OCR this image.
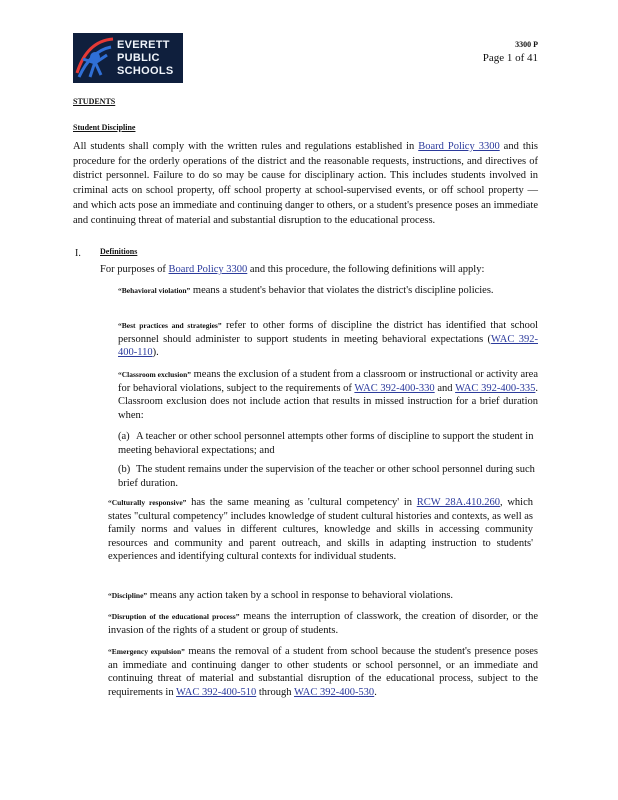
EVERETT
PUBLIC
SCHOOLS
3300 P
Page 1 of 41
STUDENTS
Student Discipline
All students shall comply with the written rules and regulations established in Board Policy 3300 and this procedure for the orderly operations of the district and the reasonable requests, instructions, and directives of district personnel. Failure to do so may be cause for disciplinary action. This includes students involved in criminal acts on school property, off school property at school-supervised events, or off school property — and which acts pose an immediate and continuing danger to others, or a student's presence poses an immediate and continuing threat of material and substantial disruption to the educational process.
I. Definitions
For purposes of Board Policy 3300 and this procedure, the following definitions will apply:
“Behavioral violation” means a student's behavior that violates the district's discipline policies.
“Best practices and strategies” refer to other forms of discipline the district has identified that school personnel should administer to support students in meeting behavioral expectations (WAC 392-400-110).
“Classroom exclusion” means the exclusion of a student from a classroom or instructional or activity area for behavioral violations, subject to the requirements of WAC 392-400-330 and WAC 392-400-335. Classroom exclusion does not include action that results in missed instruction for a brief duration when:
(a) A teacher or other school personnel attempts other forms of discipline to support the student in meeting behavioral expectations; and
(b) The student remains under the supervision of the teacher or other school personnel during such brief duration.
“Culturally responsive” has the same meaning as 'cultural competency' in RCW 28A.410.260, which states "cultural competency" includes knowledge of student cultural histories and contexts, as well as family norms and values in different cultures, knowledge and skills in accessing community resources and community and parent outreach, and skills in adapting instruction to students' experiences and identifying cultural contexts for individual students.
“Discipline” means any action taken by a school in response to behavioral violations.
“Disruption of the educational process” means the interruption of classwork, the creation of disorder, or the invasion of the rights of a student or group of students.
“Emergency expulsion” means the removal of a student from school because the student's presence poses an immediate and continuing danger to other students or school personnel, or an immediate and continuing threat of material and substantial disruption of the educational process, subject to the requirements in WAC 392-400-510 through WAC 392-400-530.
